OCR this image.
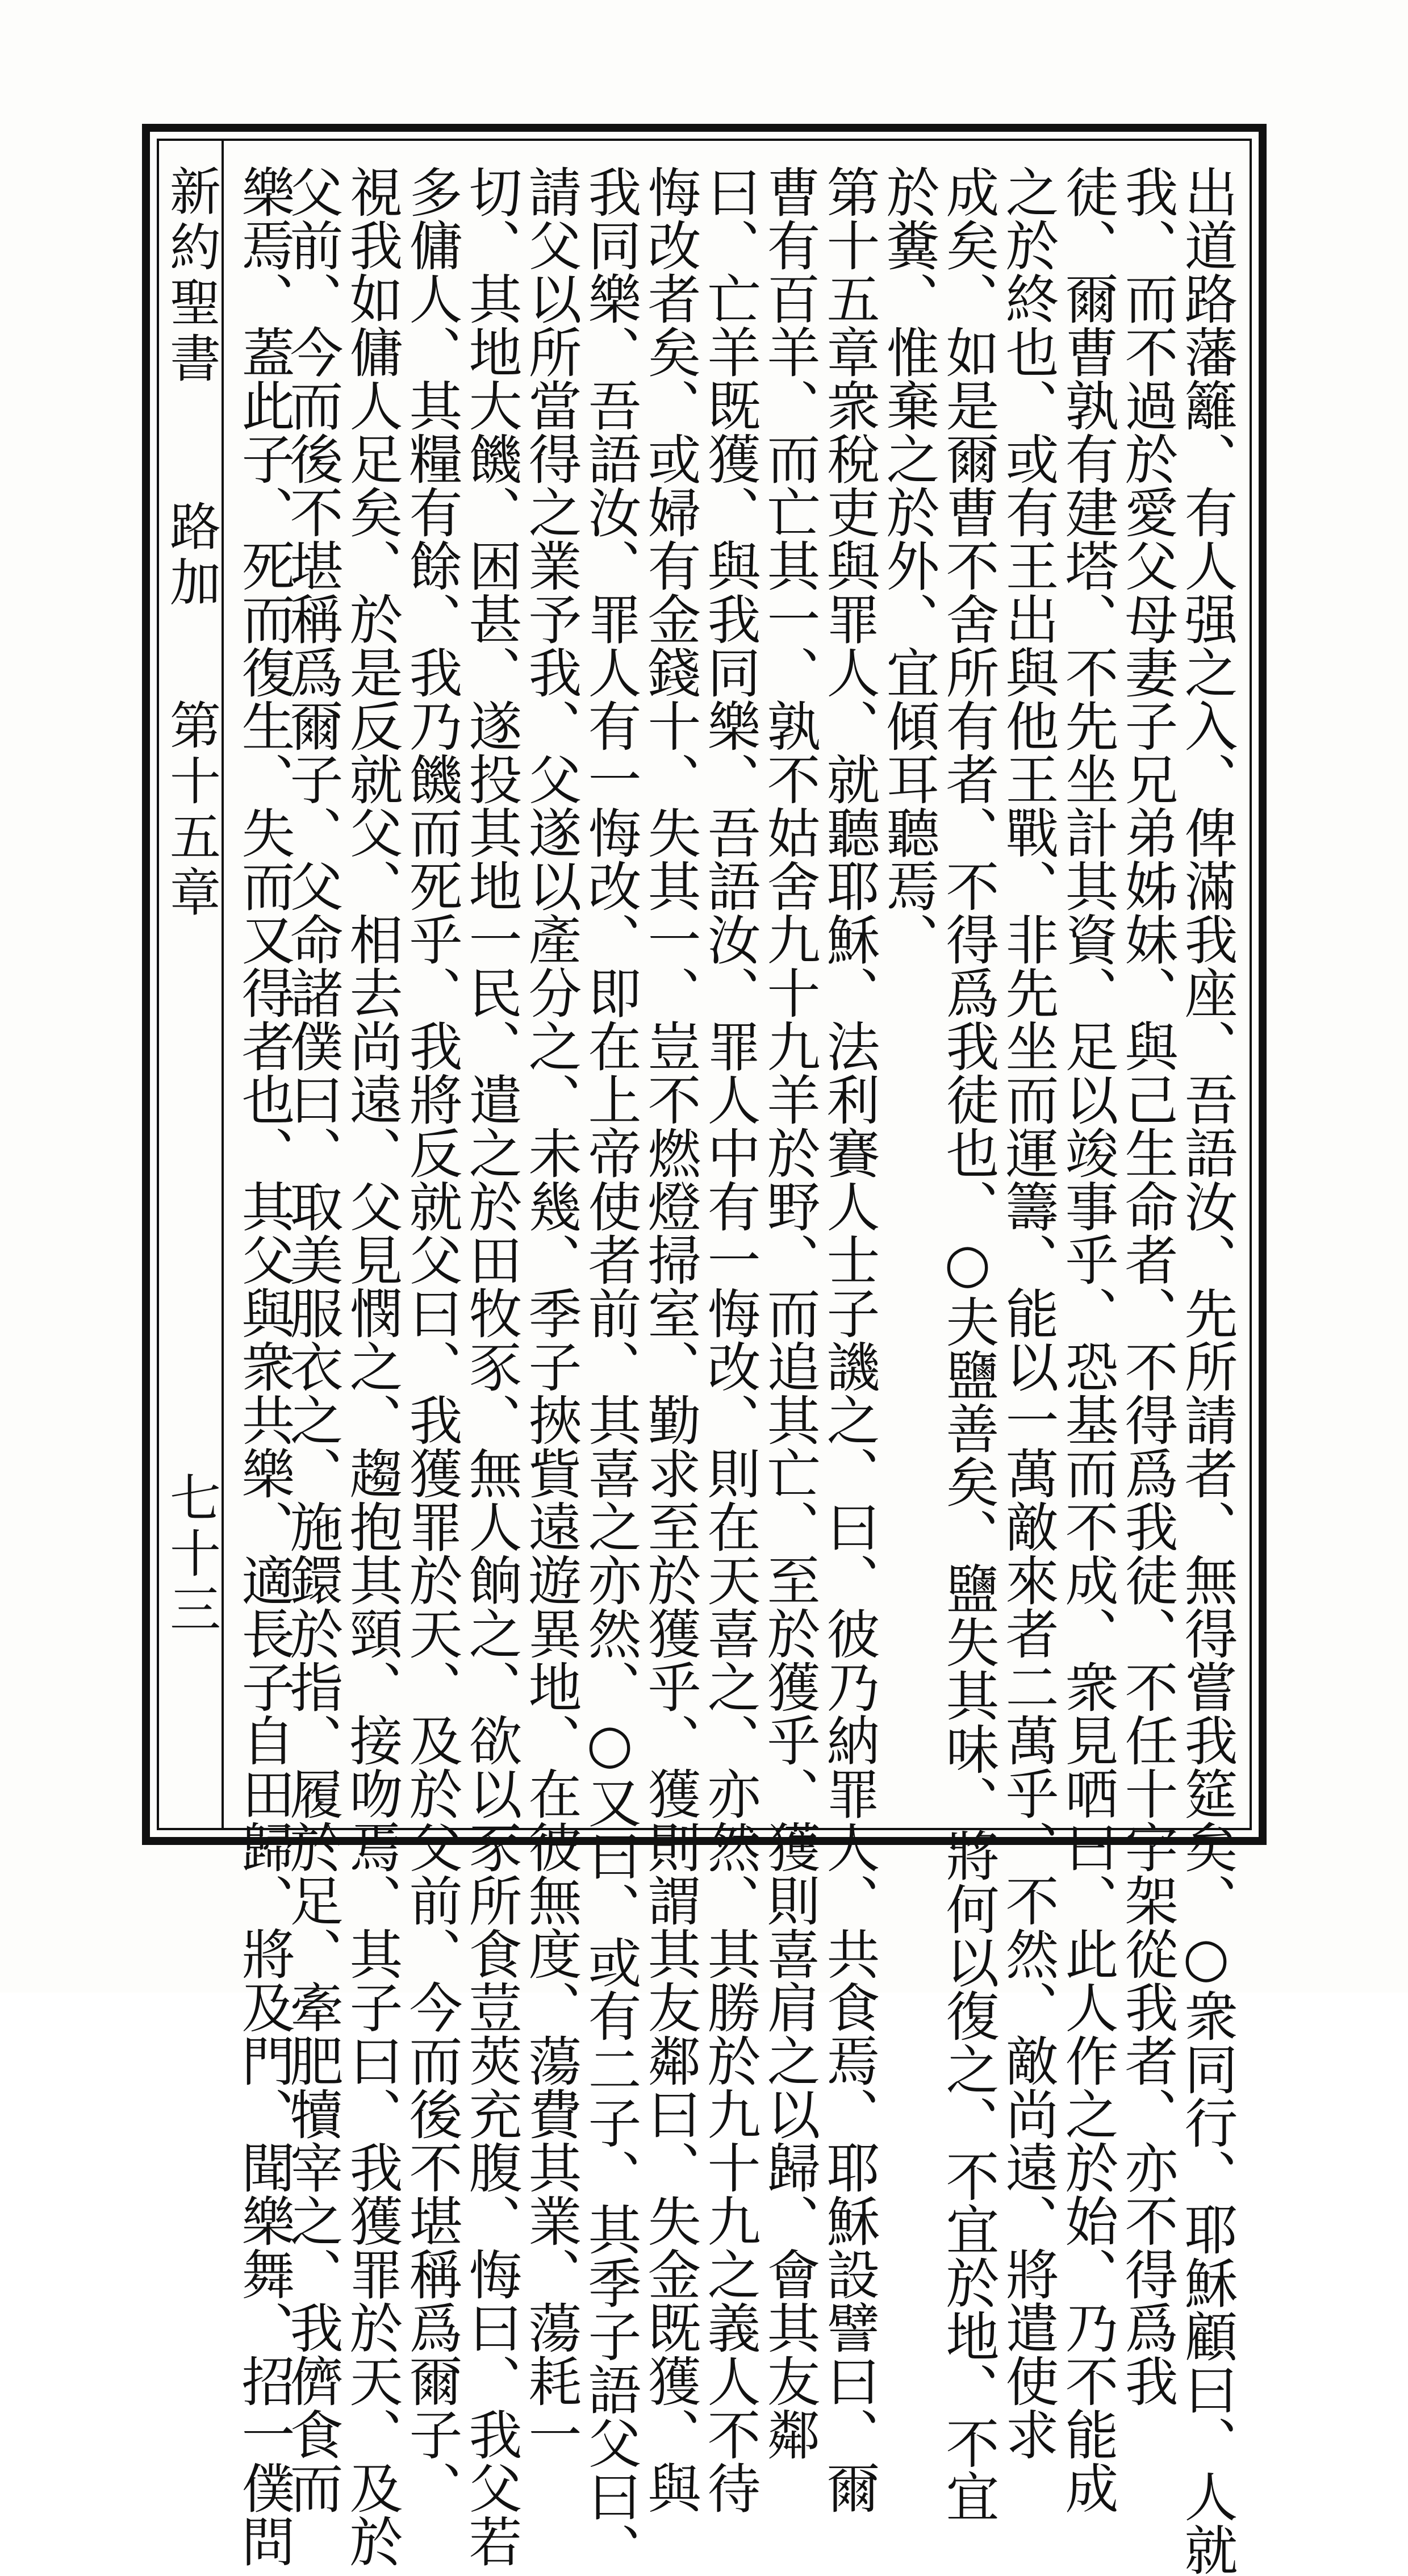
新約聖書
路加
第十五章
七十三	出道路藩籬、有人强之入、俾滿我座、吾語汝、先所請者、無得嘗我筵矣、○衆同行、耶穌顧曰、人就
我、而不過於愛父母妻子兄弟姊妹、與己生命者、不得爲我徒、不任十字架從我者、亦不得爲我
徒、爾曹孰有建塔、不先坐計其資、足以竣事乎、恐基而不成、衆見哂曰、此人作之於始、乃不能成
之於終也、或有王出與他王戰、非先坐而運籌、能以一萬敵來者二萬乎、不然、敵尚遠、將遣使求
成矣、如是爾曹不舍所有者、不得爲我徒也、○夫鹽善矣、鹽失其味、將何以復之、不宜於地、不宜
於糞、惟棄之於外、宜傾耳聽焉、
第十五章衆稅吏與罪人、就聽耶穌、法利賽人士子譏之、曰、彼乃納罪人、共食焉、耶穌設譬曰、爾
曹有百羊、而亡其一、孰不姑舍九十九羊於野、而追其亡、至於獲乎、獲則喜肩之以歸、會其友鄰
曰、亡羊既獲、與我同樂、吾語汝、罪人中有一悔改、則在天喜之、亦然、其勝於九十九之義人不待
悔改者矣、或婦有金錢十、失其一、豈不燃燈掃室、勤求至於獲乎、獲則謂其友鄰曰、失金既獲、與
我同樂、吾語汝、罪人有一悔改、即在上帝使者前、其喜之亦然、○又曰、或有二子、其季子語父曰、
請父以所當得之業予我、父遂以產分之、未幾、季子挾貲遠遊異地、在彼無度、蕩費其業、蕩耗一
切、其地大饑、困甚、遂投其地一民、遣之於田牧豕、無人餉之、欲以豕所食荳莢充腹、悔曰、我父若
多傭人、其糧有餘、我乃饑而死乎、我將反就父曰、我獲罪於天、及於父前、今而後不堪稱爲爾子、
視我如傭人足矣、於是反就父、相去尚遠、父見憫之、趨抱其頸、接吻焉、其子曰、我獲罪於天、及於
父前、今而後不堪稱爲爾子、父命諸僕曰、取美服衣之、施鐶於指、履於足、牽肥犢宰之、我儕食而
樂焉、蓋此子、死而復生、失而又得者也、其父與衆共樂、適長子自田歸、將及門、聞樂舞、招一僕問
